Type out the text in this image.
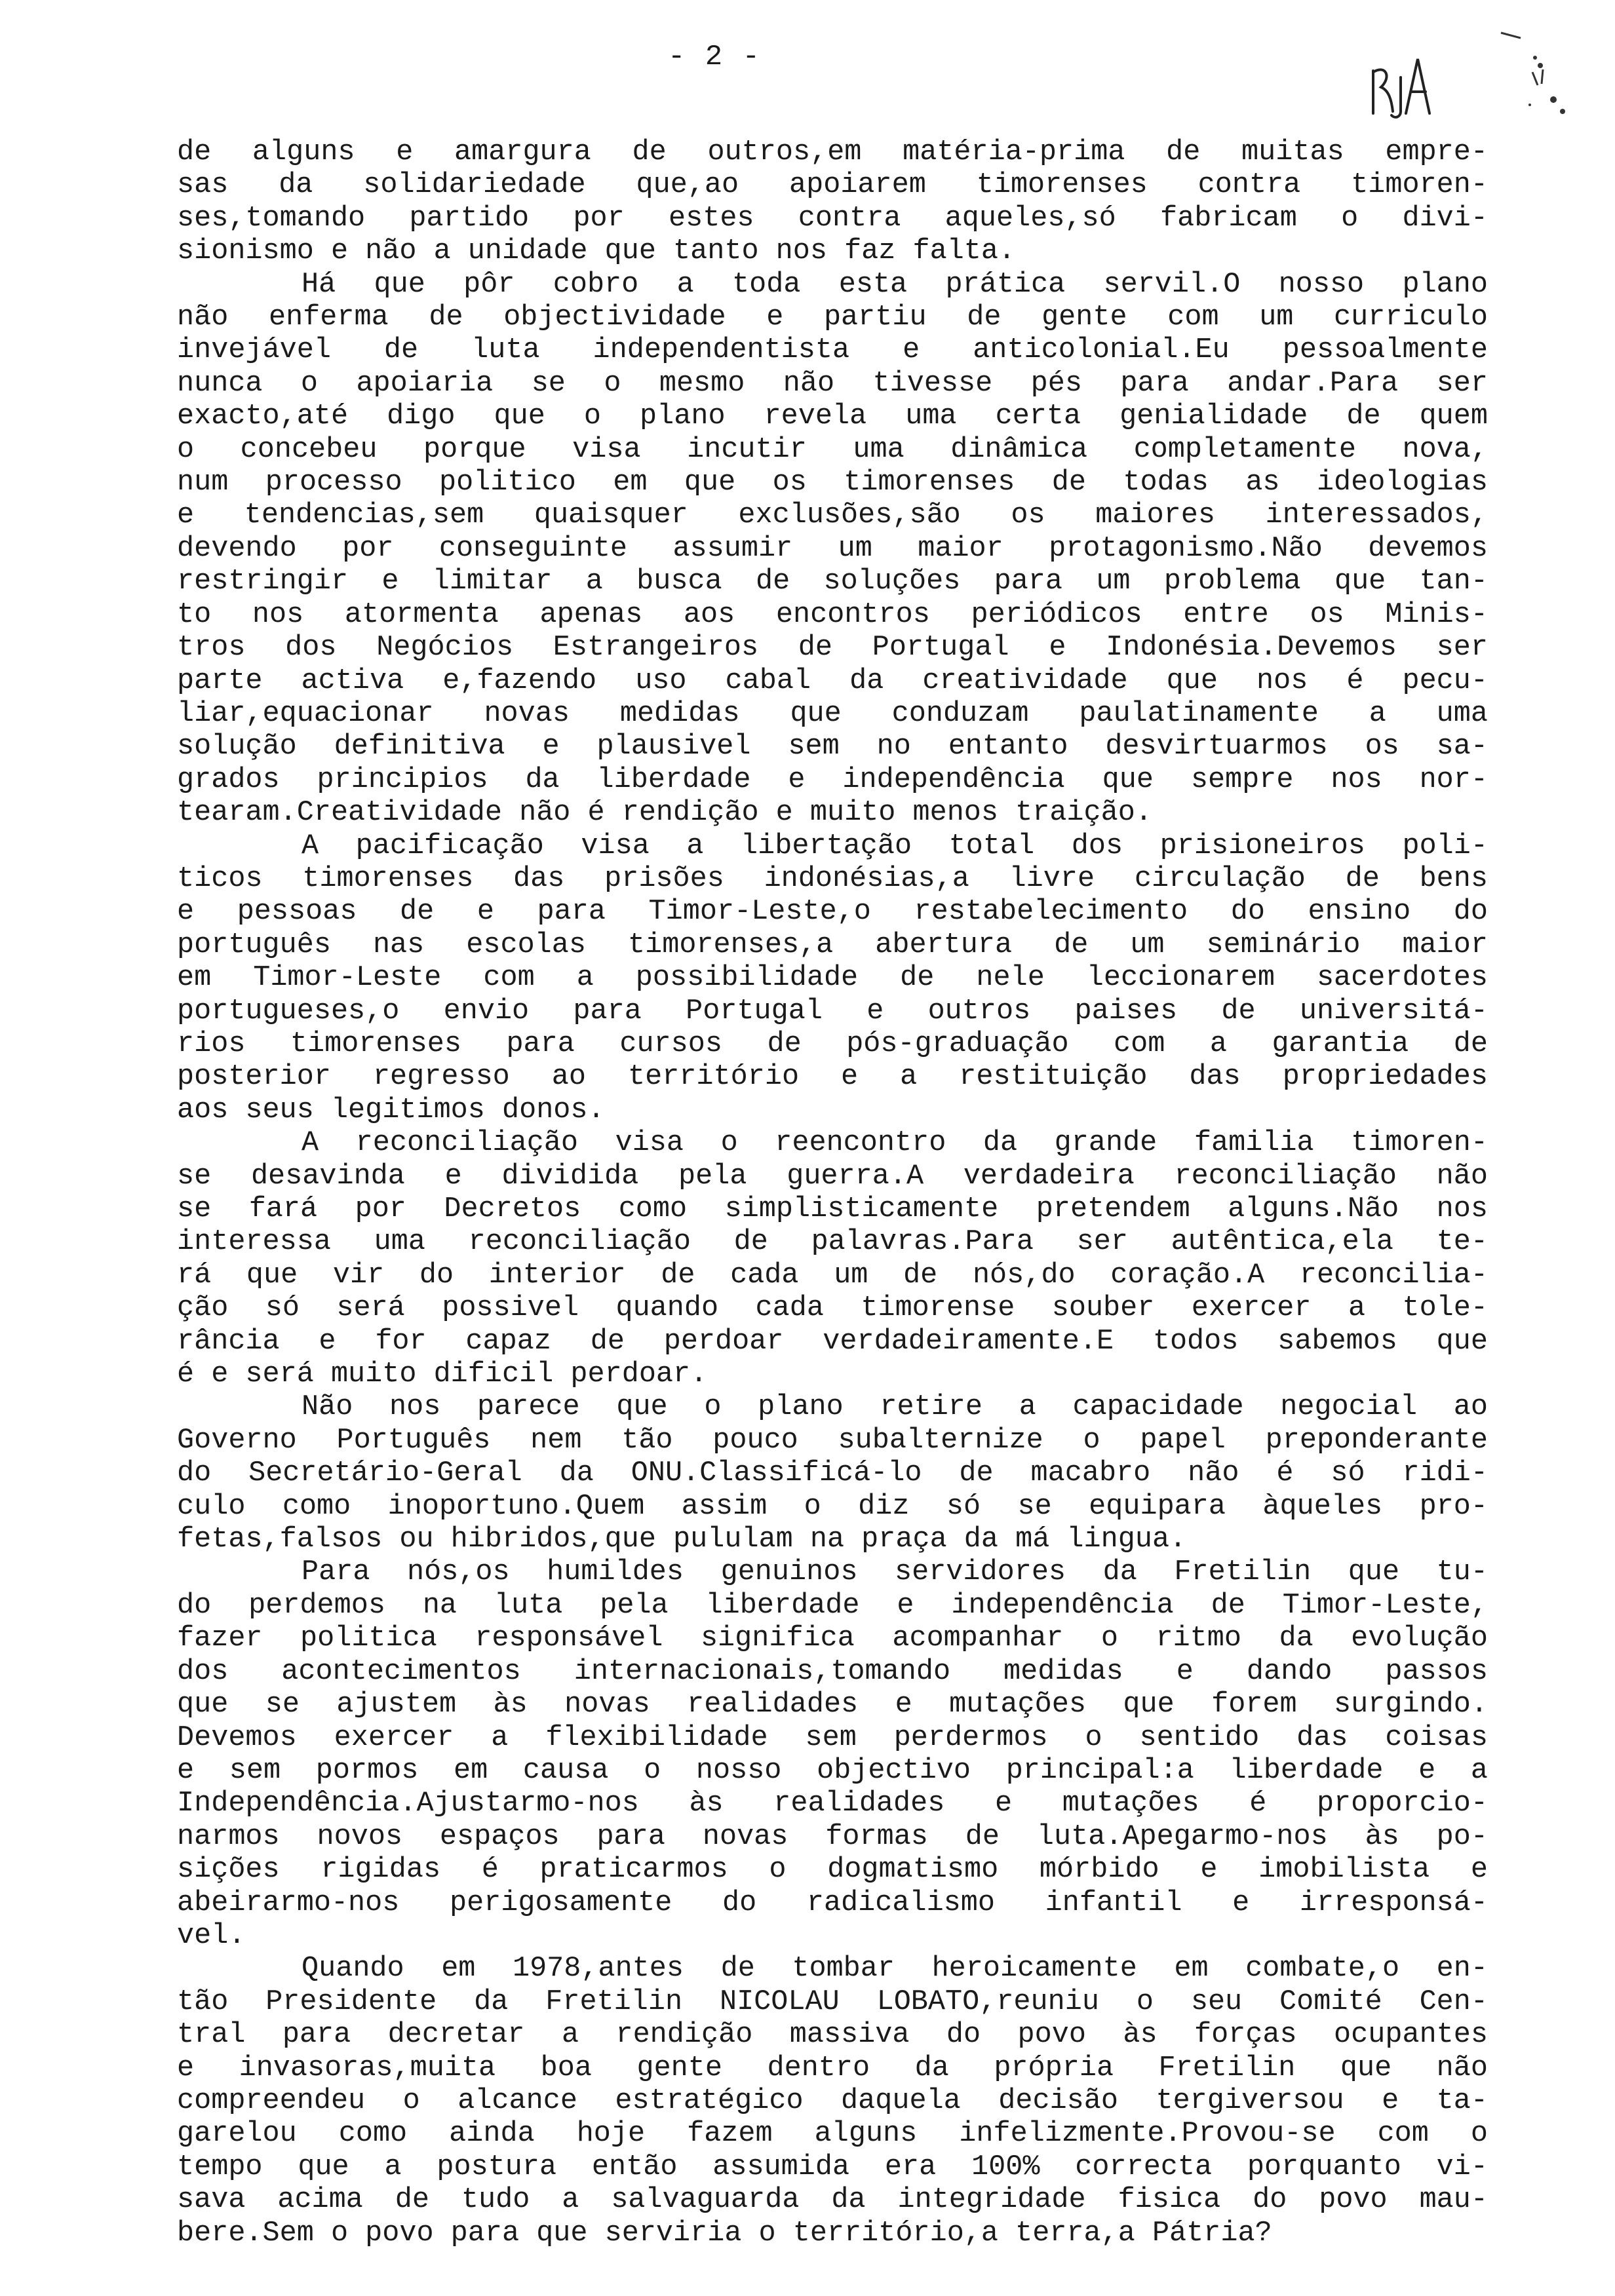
- 2 -
de alguns e amargura de outros,em matéria-prima de muitas empre-
sas da solidariedade que,ao apoiarem timorenses contra timoren-
ses,tomando partido por estes contra aqueles,só fabricam o divi-
sionismo e não a unidade que tanto nos faz falta.
Há que pôr cobro a toda esta prática servil.O nosso plano
não enferma de objectividade e partiu de gente com um curriculo
invejável de luta independentista e anticolonial.Eu pessoalmente
nunca o apoiaria se o mesmo não tivesse pés para andar.Para ser
exacto,até digo que o plano revela uma certa genialidade de quem
o concebeu porque visa incutir uma dinâmica completamente nova,
num processo politico em que os timorenses de todas as ideologias
e tendencias,sem quaisquer exclusões,são os maiores interessados,
devendo por conseguinte assumir um maior protagonismo.Não devemos
restringir e limitar a busca de soluções para um problema que tan-
to nos atormenta apenas aos encontros periódicos entre os Minis-
tros dos Negócios Estrangeiros de Portugal e Indonésia.Devemos ser
parte activa e,fazendo uso cabal da creatividade que nos é pecu-
liar,equacionar novas medidas que conduzam paulatinamente a uma
solução definitiva e plausivel sem no entanto desvirtuarmos os sa-
grados principios da liberdade e independência que sempre nos nor-
tearam.Creatividade não é rendição e muito menos traição.
A pacificação visa a libertação total dos prisioneiros poli-
ticos timorenses das prisões indonésias,a livre circulação de bens
e pessoas de e para Timor-Leste,o restabelecimento do ensino do
português nas escolas timorenses,a abertura de um seminário maior
em Timor-Leste com a possibilidade de nele leccionarem sacerdotes
portugueses,o envio para Portugal e outros paises de universitá-
rios timorenses para cursos de pós-graduação com a garantia de
posterior regresso ao território e a restituição das propriedades
aos seus legitimos donos.
A reconciliação visa o reencontro da grande familia timoren-
se desavinda e dividida pela guerra.A verdadeira reconciliação não
se fará por Decretos como simplisticamente pretendem alguns.Não nos
interessa uma reconciliação de palavras.Para ser autêntica,ela te-
rá que vir do interior de cada um de nós,do coração.A reconcilia-
ção só será possivel quando cada timorense souber exercer a tole-
rância e for capaz de perdoar verdadeiramente.E todos sabemos que
é e será muito dificil perdoar.
Não nos parece que o plano retire a capacidade negocial ao
Governo Português nem tão pouco subalternize o papel preponderante
do Secretário-Geral da ONU.Classificá-lo de macabro não é só ridi-
culo como inoportuno.Quem assim o diz só se equipara àqueles pro-
fetas,falsos ou hibridos,que pululam na praça da má lingua.
Para nós,os humildes genuinos servidores da Fretilin que tu-
do perdemos na luta pela liberdade e independência de Timor-Leste,
fazer politica responsável significa acompanhar o ritmo da evolução
dos acontecimentos internacionais,tomando medidas e dando passos
que se ajustem às novas realidades e mutações que forem surgindo.
Devemos exercer a flexibilidade sem perdermos o sentido das coisas
e sem pormos em causa o nosso objectivo principal:a liberdade e a
Independência.Ajustarmo-nos às realidades e mutações é proporcio-
narmos novos espaços para novas formas de luta.Apegarmo-nos às po-
sições rigidas é praticarmos o dogmatismo mórbido e imobilista e
abeirarmo-nos perigosamente do radicalismo infantil e irresponsá-
vel.
Quando em 1978,antes de tombar heroicamente em combate,o en-
tão Presidente da Fretilin NICOLAU LOBATO,reuniu o seu Comité Cen-
tral para decretar a rendição massiva do povo às forças ocupantes
e invasoras,muita boa gente dentro da própria Fretilin que não
compreendeu o alcance estratégico daquela decisão tergiversou e ta-
garelou como ainda hoje fazem alguns infelizmente.Provou-se com o
tempo que a postura então assumida era 100% correcta porquanto vi-
sava acima de tudo a salvaguarda da integridade fisica do povo mau-
bere.Sem o povo para que serviria o território,a terra,a Pátria?
